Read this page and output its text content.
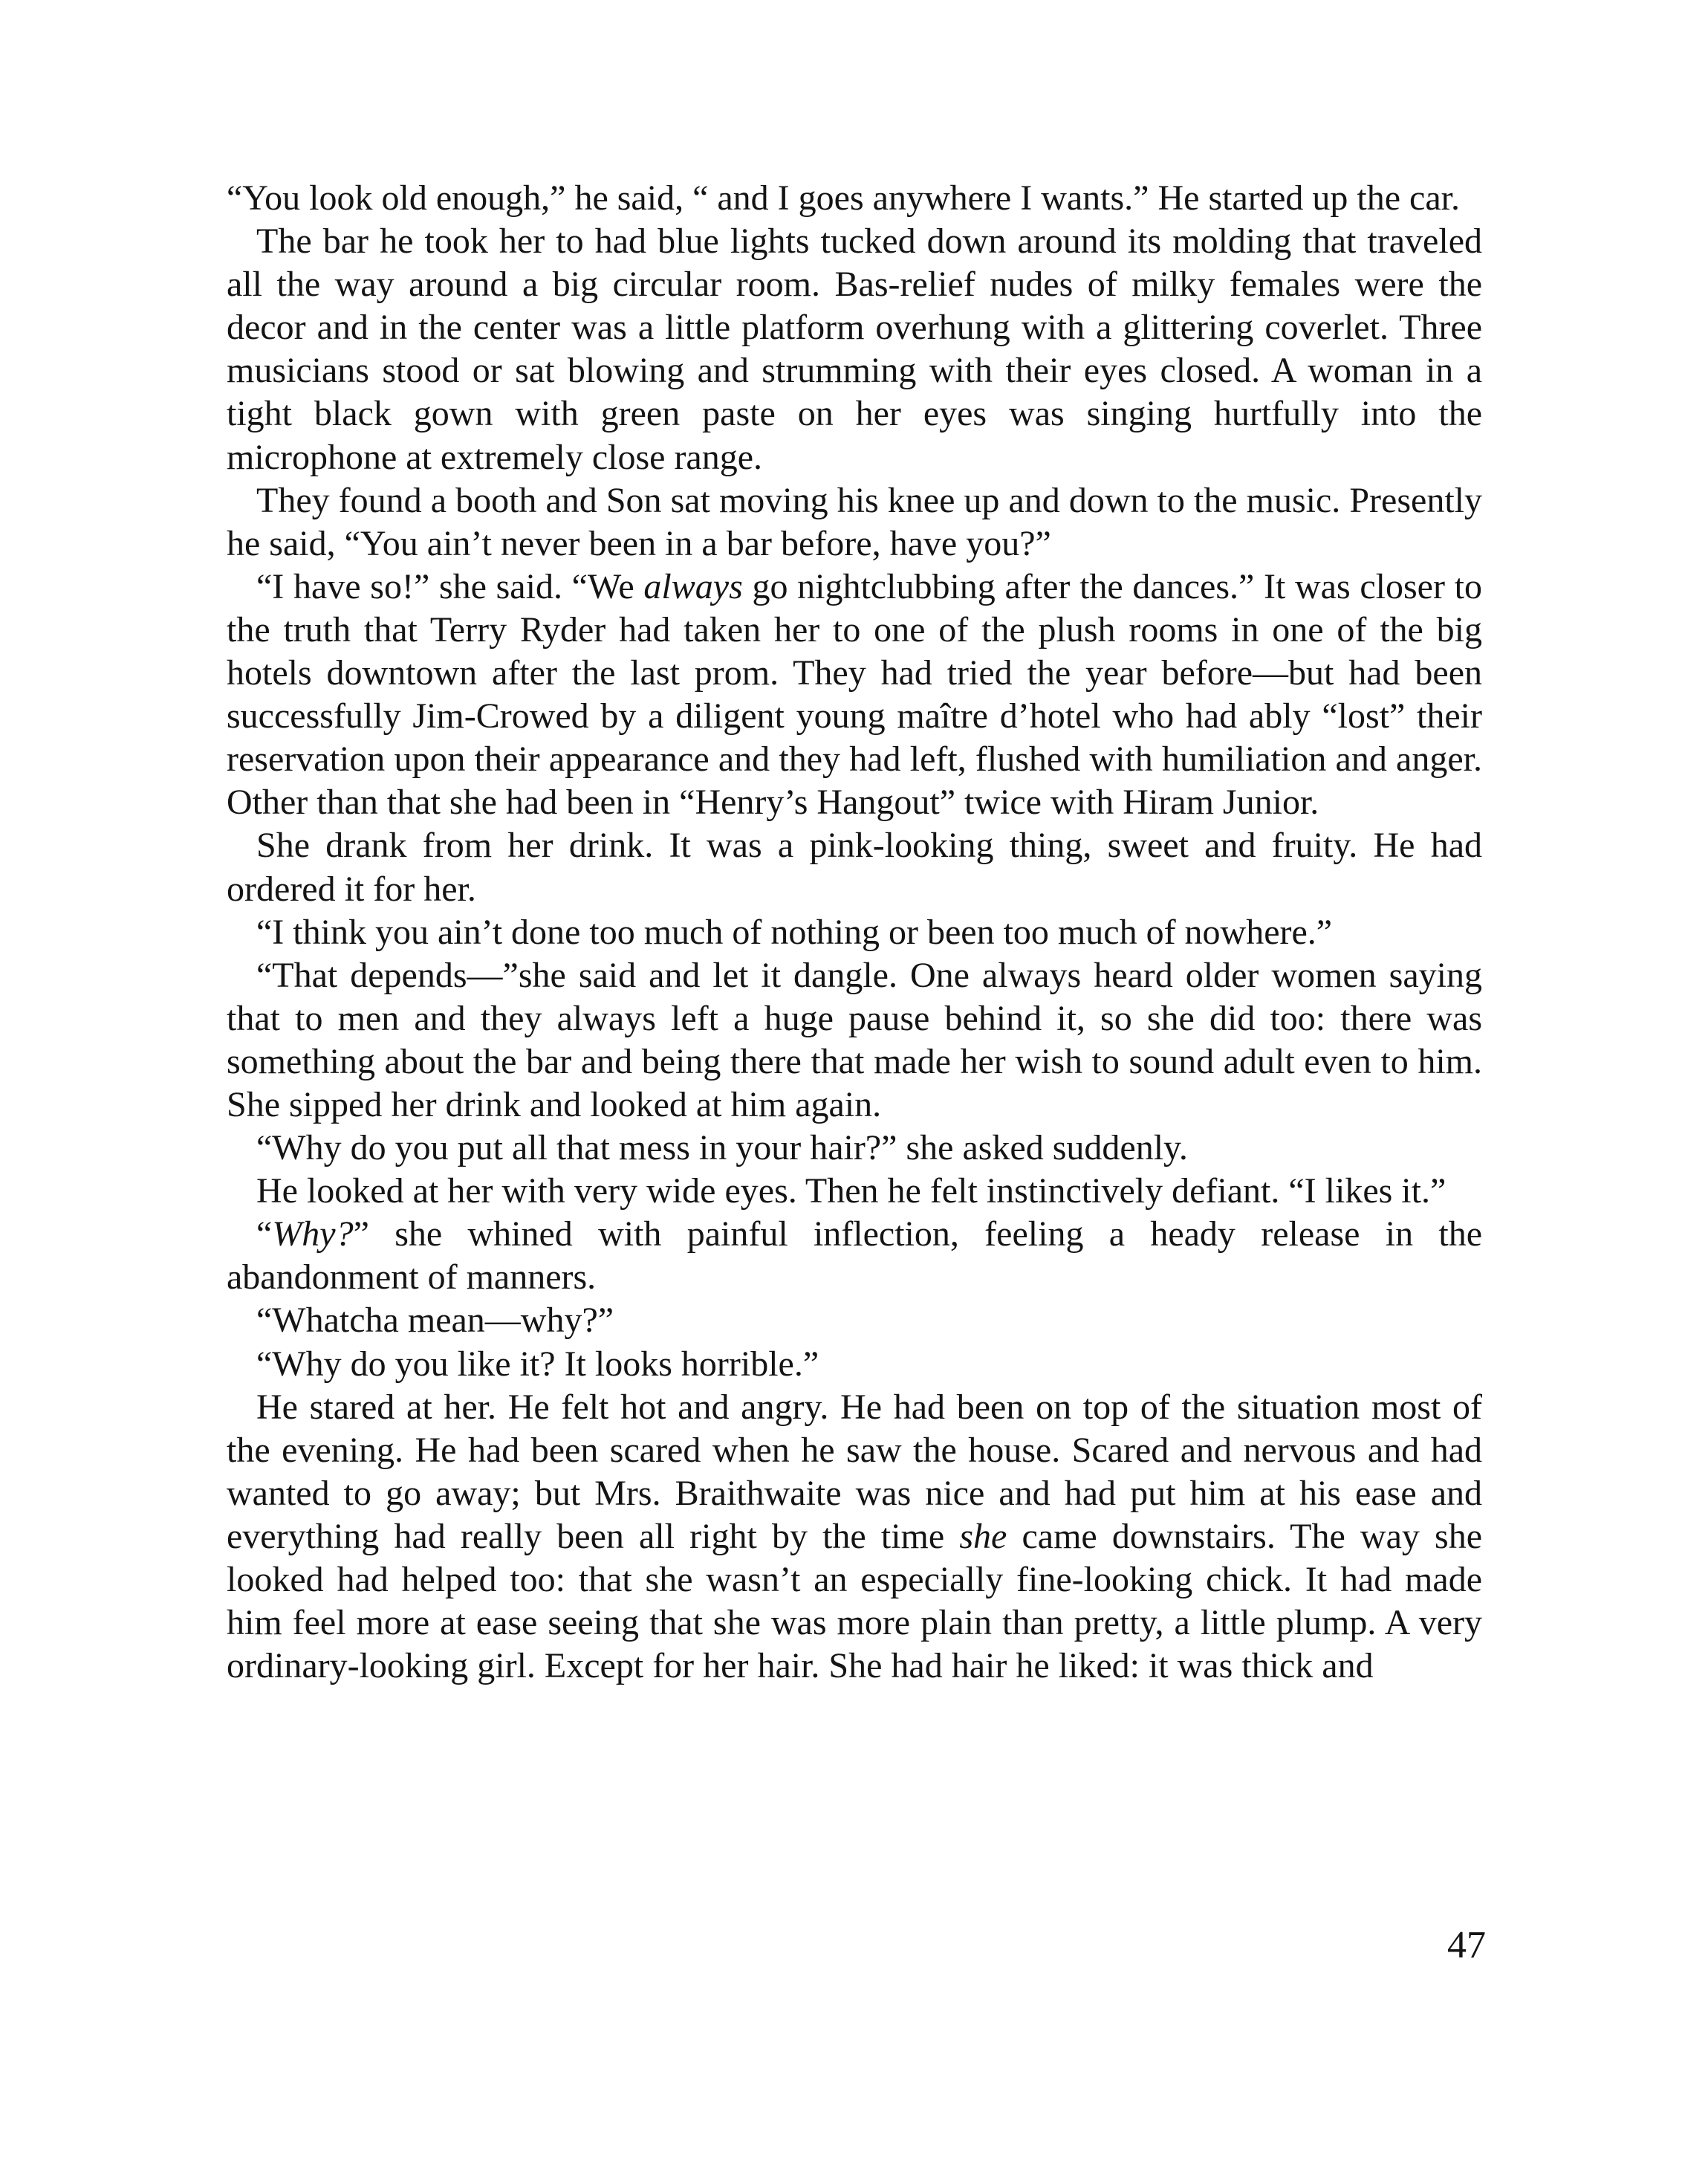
“You look old enough,” he said, “ and I goes anywhere I wants.” He started up the car.

The bar he took her to had blue lights tucked down around its molding that traveled all the way around a big circular room. Bas-relief nudes of milky females were the decor and in the center was a little platform overhung with a glittering coverlet. Three musicians stood or sat blowing and strumming with their eyes closed. A woman in a tight black gown with green paste on her eyes was singing hurtfully into the microphone at extremely close range.

They found a booth and Son sat moving his knee up and down to the music. Presently he said, “You ain’t never been in a bar before, have you?”

“I have so!” she said. “We always go nightclubbing after the dances.” It was closer to the truth that Terry Ryder had taken her to one of the plush rooms in one of the big hotels downtown after the last prom. They had tried the year before—but had been successfully Jim-Crowed by a diligent young maître d’hotel who had ably “lost” their reservation upon their appearance and they had left, flushed with humiliation and anger. Other than that she had been in “Henry’s Hangout” twice with Hiram Junior.

She drank from her drink. It was a pink-looking thing, sweet and fruity. He had ordered it for her.

“I think you ain’t done too much of nothing or been too much of nowhere.”

“That depends—”she said and let it dangle. One always heard older women saying that to men and they always left a huge pause behind it, so she did too: there was something about the bar and being there that made her wish to sound adult even to him. She sipped her drink and looked at him again.

“Why do you put all that mess in your hair?” she asked suddenly.

He looked at her with very wide eyes. Then he felt instinctively defiant. “I likes it.”

“Why?” she whined with painful inflection, feeling a heady release in the abandonment of manners.

“Whatcha mean—why?”

“Why do you like it? It looks horrible.”

He stared at her. He felt hot and angry. He had been on top of the situation most of the evening. He had been scared when he saw the house. Scared and nervous and had wanted to go away; but Mrs. Braithwaite was nice and had put him at his ease and everything had really been all right by the time she came downstairs. The way she looked had helped too: that she wasn’t an especially fine-looking chick. It had made him feel more at ease seeing that she was more plain than pretty, a little plump. A very ordinary-looking girl. Except for her hair. She had hair he liked: it was thick and

47
